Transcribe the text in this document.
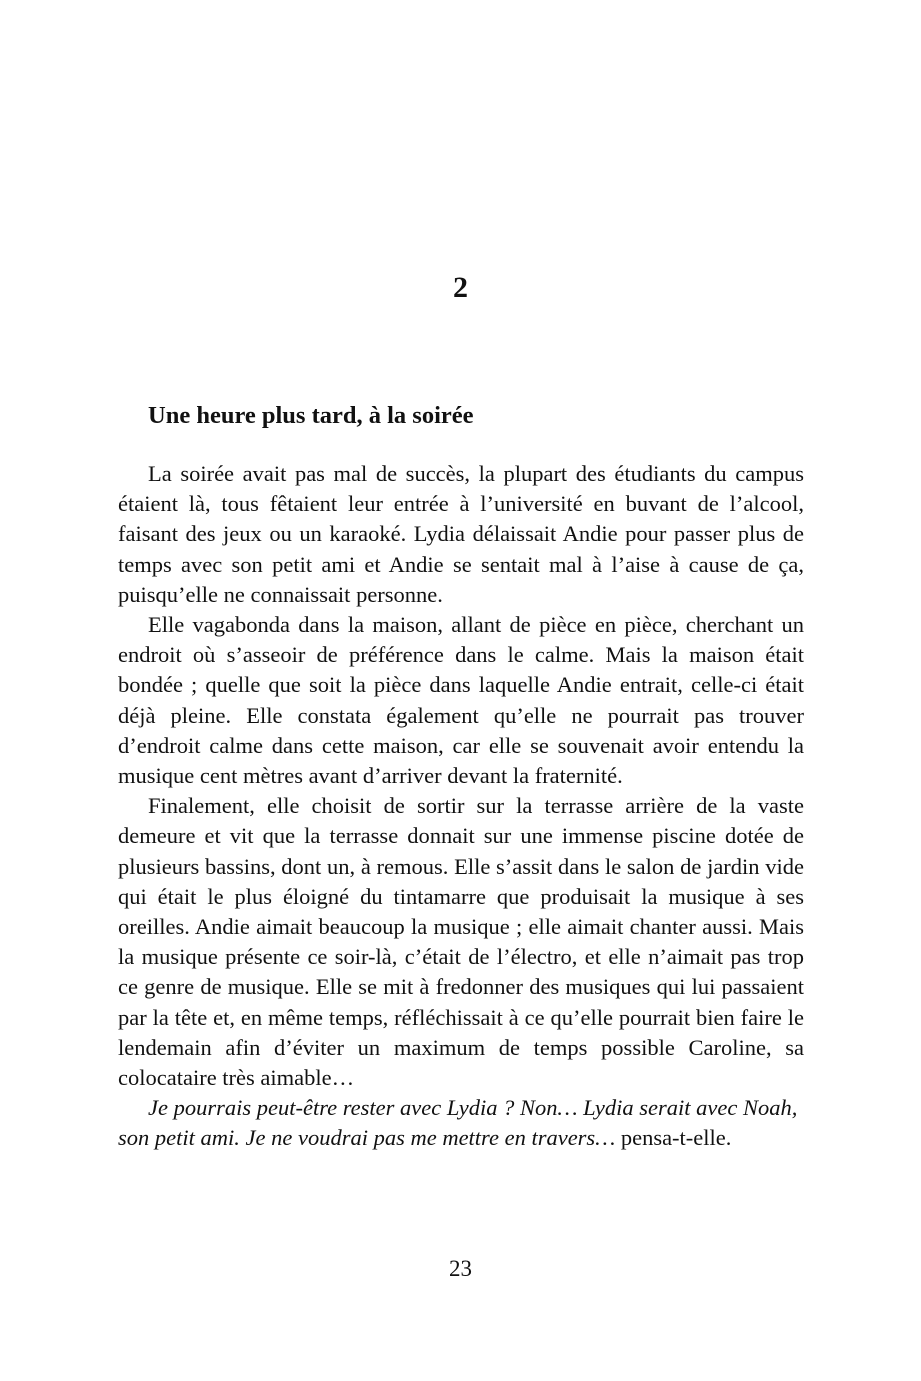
2
Une heure plus tard, à la soirée

La soirée avait pas mal de succès, la plupart des étudiants du campus étaient là, tous fêtaient leur entrée à l’université en buvant de l’alcool, faisant des jeux ou un karaoké. Lydia délaissait Andie pour passer plus de temps avec son petit ami et Andie se sentait mal à l’aise à cause de ça, puisqu’elle ne connaissait personne.

Elle vagabonda dans la maison, allant de pièce en pièce, cherchant un endroit où s’asseoir de préférence dans le calme. Mais la maison était bondée ; quelle que soit la pièce dans laquelle Andie entrait, celle-ci était déjà pleine. Elle constata également qu’elle ne pourrait pas trouver d’endroit calme dans cette maison, car elle se souvenait avoir entendu la musique cent mètres avant d’arriver devant la fraternité.

Finalement, elle choisit de sortir sur la terrasse arrière de la vaste demeure et vit que la terrasse donnait sur une immense piscine dotée de plusieurs bassins, dont un, à remous. Elle s’assit dans le salon de jardin vide qui était le plus éloigné du tintamarre que produisait la musique à ses oreilles. Andie aimait beaucoup la musique ; elle aimait chanter aussi. Mais la musique présente ce soir-là, c’était de l’électro, et elle n’aimait pas trop ce genre de musique. Elle se mit à fredonner des musiques qui lui passaient par la tête et, en même temps, réfléchissait à ce qu’elle pourrait bien faire le lendemain afin d’éviter un maximum de temps possible Caroline, sa colocataire très aimable…

Je pourrais peut-être rester avec Lydia ? Non… Lydia serait avec Noah, son petit ami. Je ne voudrai pas me mettre en travers… pensa-t-elle.

23
